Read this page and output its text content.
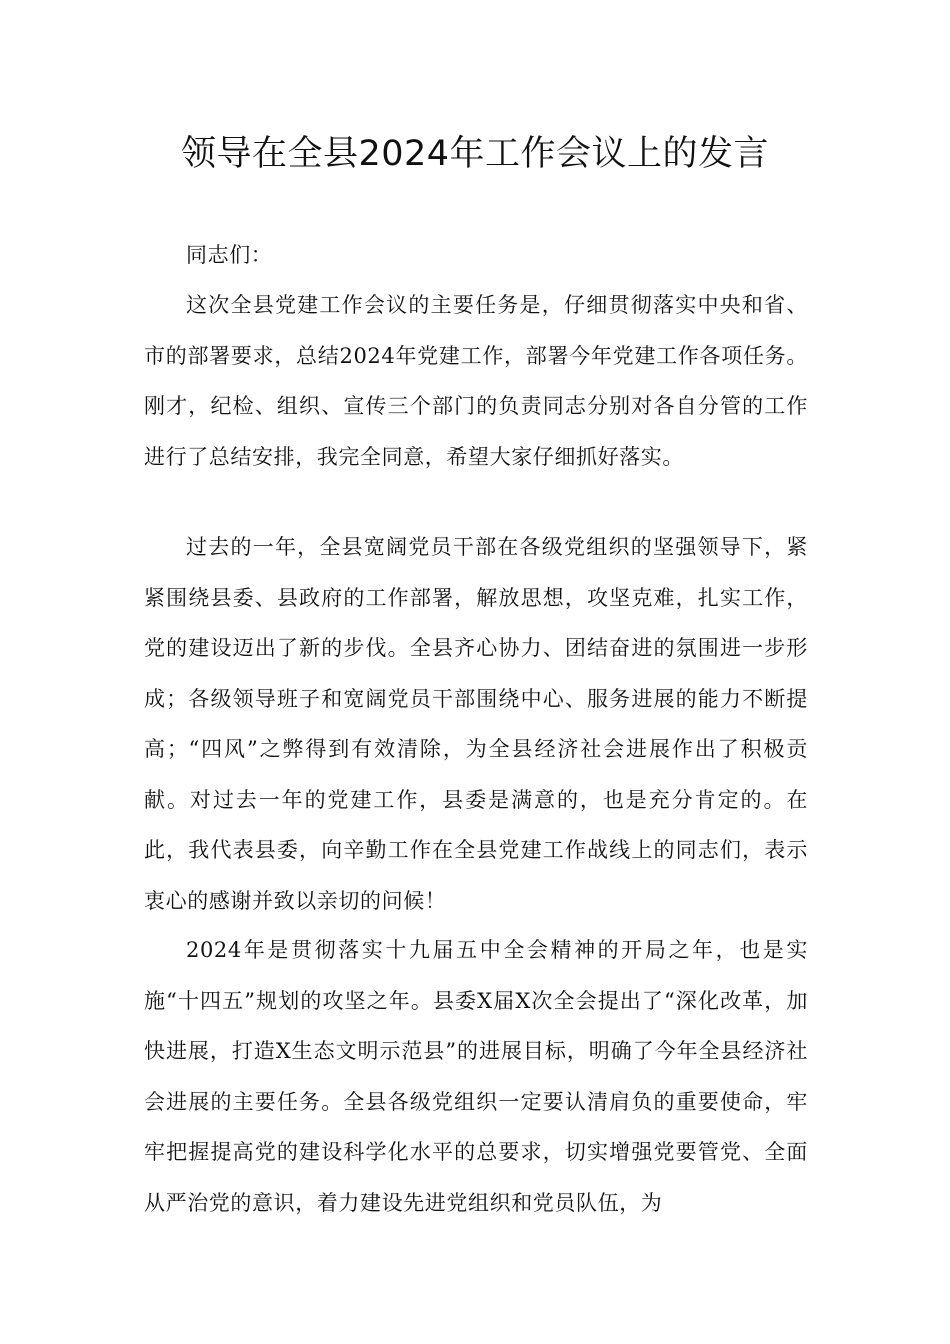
领导在全县2024年工作会议上的发言

同志们：

这次全县党建工作会议的主要任务是，仔细贯彻落实中央和省、市的部署要求，总结2024年党建工作，部署今年党建工作各项任务。刚才，纪检、组织、宣传三个部门的负责同志分别对各自分管的工作进行了总结安排，我完全同意，希望大家仔细抓好落实。

过去的一年，全县宽阔党员干部在各级党组织的坚强领导下，紧紧围绕县委、县政府的工作部署，解放思想，攻坚克难，扎实工作，党的建设迈出了新的步伐。全县齐心协力、团结奋进的氛围进一步形成；各级领导班子和宽阔党员干部围绕中心、服务进展的能力不断提高；“四风”之弊得到有效清除，为全县经济社会进展作出了积极贡献。对过去一年的党建工作，县委是满意的，也是充分肯定的。在此，我代表县委，向辛勤工作在全县党建工作战线上的同志们，表示衷心的感谢并致以亲切的问候！

2024年是贯彻落实十九届五中全会精神的开局之年，也是实施“十四五”规划的攻坚之年。县委X届X次全会提出了“深化改革，加快进展，打造X生态文明示范县”的进展目标，明确了今年全县经济社会进展的主要任务。全县各级党组织一定要认清肩负的重要使命，牢牢把握提高党的建设科学化水平的总要求，切实增强党要管党、全面从严治党的意识，着力建设先进党组织和党员队伍，为
